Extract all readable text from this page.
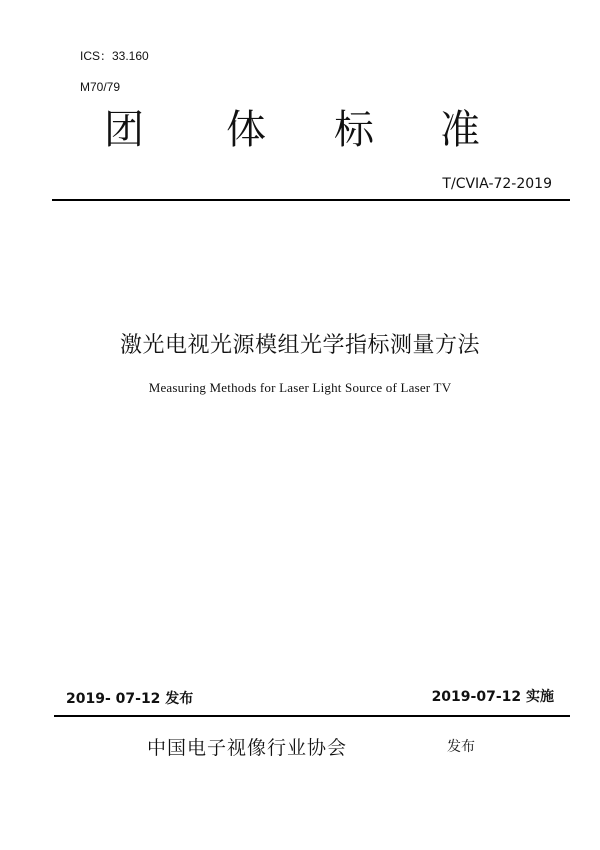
ICS：33.160
M70/79
团 体 标 准
T/CVIA-72-2019
激光电视光源模组光学指标测量方法
Measuring Methods for Laser Light Source of Laser TV
2019- 07-12 发布	2019-07-12 实施
中国电子视像行业协会	发布
